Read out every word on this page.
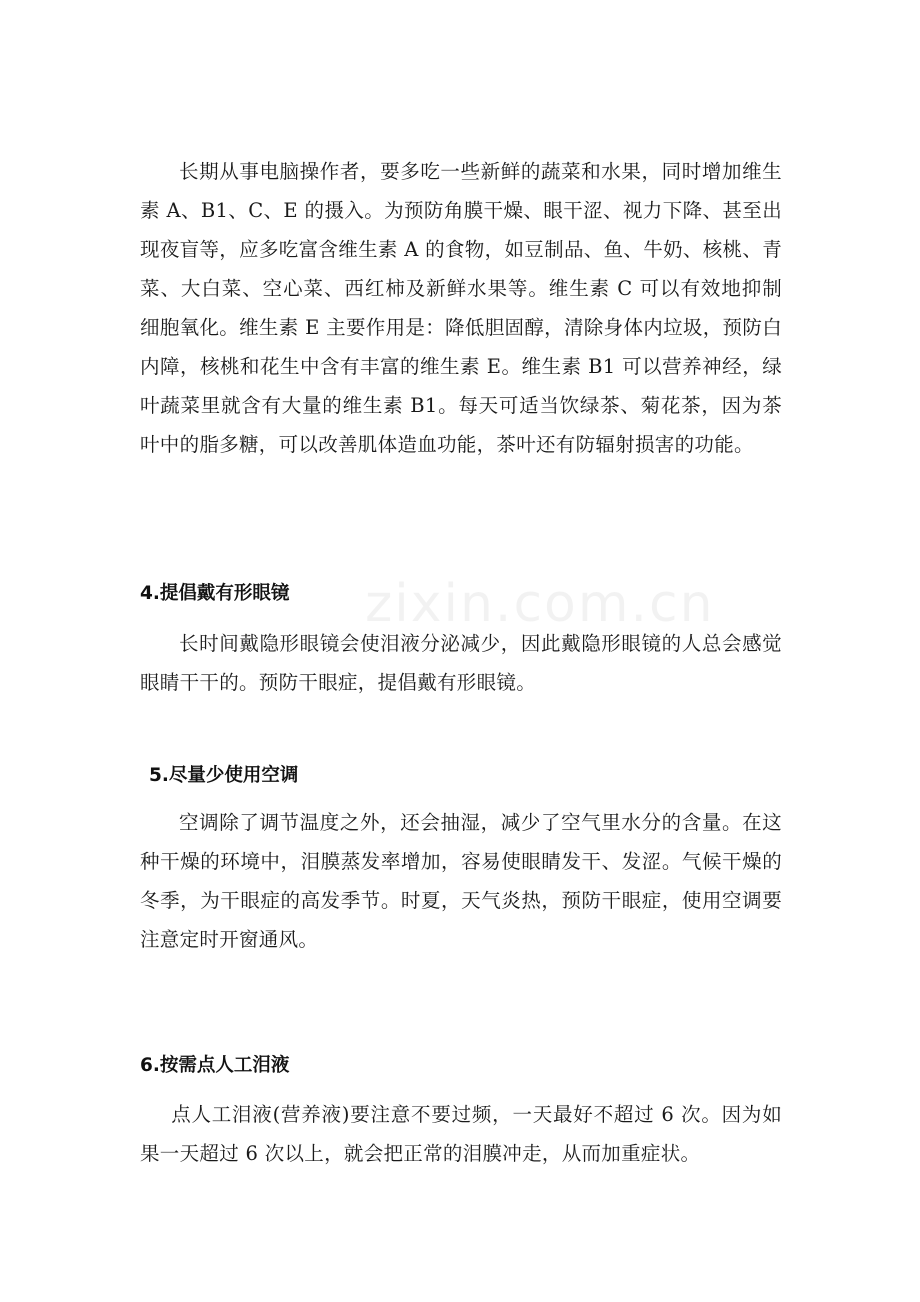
长期从事电脑操作者，要多吃一些新鲜的蔬菜和水果，同时增加维生素 A、B1、C、E 的摄入。为预防角膜干燥、眼干涩、视力下降、甚至出现夜盲等，应多吃富含维生素 A 的食物，如豆制品、鱼、牛奶、核桃、青菜、大白菜、空心菜、西红柿及新鲜水果等。维生素 C 可以有效地抑制细胞氧化。维生素 E 主要作用是：降低胆固醇，清除身体内垃圾，预防白内障，核桃和花生中含有丰富的维生素 E。维生素 B1 可以营养神经，绿叶蔬菜里就含有大量的维生素 B1。每天可适当饮绿茶、菊花茶，因为茶叶中的脂多糖，可以改善肌体造血功能，茶叶还有防辐射损害的功能。

4.提倡戴有形眼镜

长时间戴隐形眼镜会使泪液分泌减少，因此戴隐形眼镜的人总会感觉眼睛干干的。预防干眼症，提倡戴有形眼镜。

5.尽量少使用空调

空调除了调节温度之外，还会抽湿，减少了空气里水分的含量。在这种干燥的环境中，泪膜蒸发率增加，容易使眼睛发干、发涩。气候干燥的冬季，为干眼症的高发季节。时夏，天气炎热，预防干眼症，使用空调要注意定时开窗通风。

6.按需点人工泪液

点人工泪液(营养液)要注意不要过频，一天最好不超过 6 次。因为如果一天超过 6 次以上，就会把正常的泪膜冲走，从而加重症状。

zixin.com.cn
